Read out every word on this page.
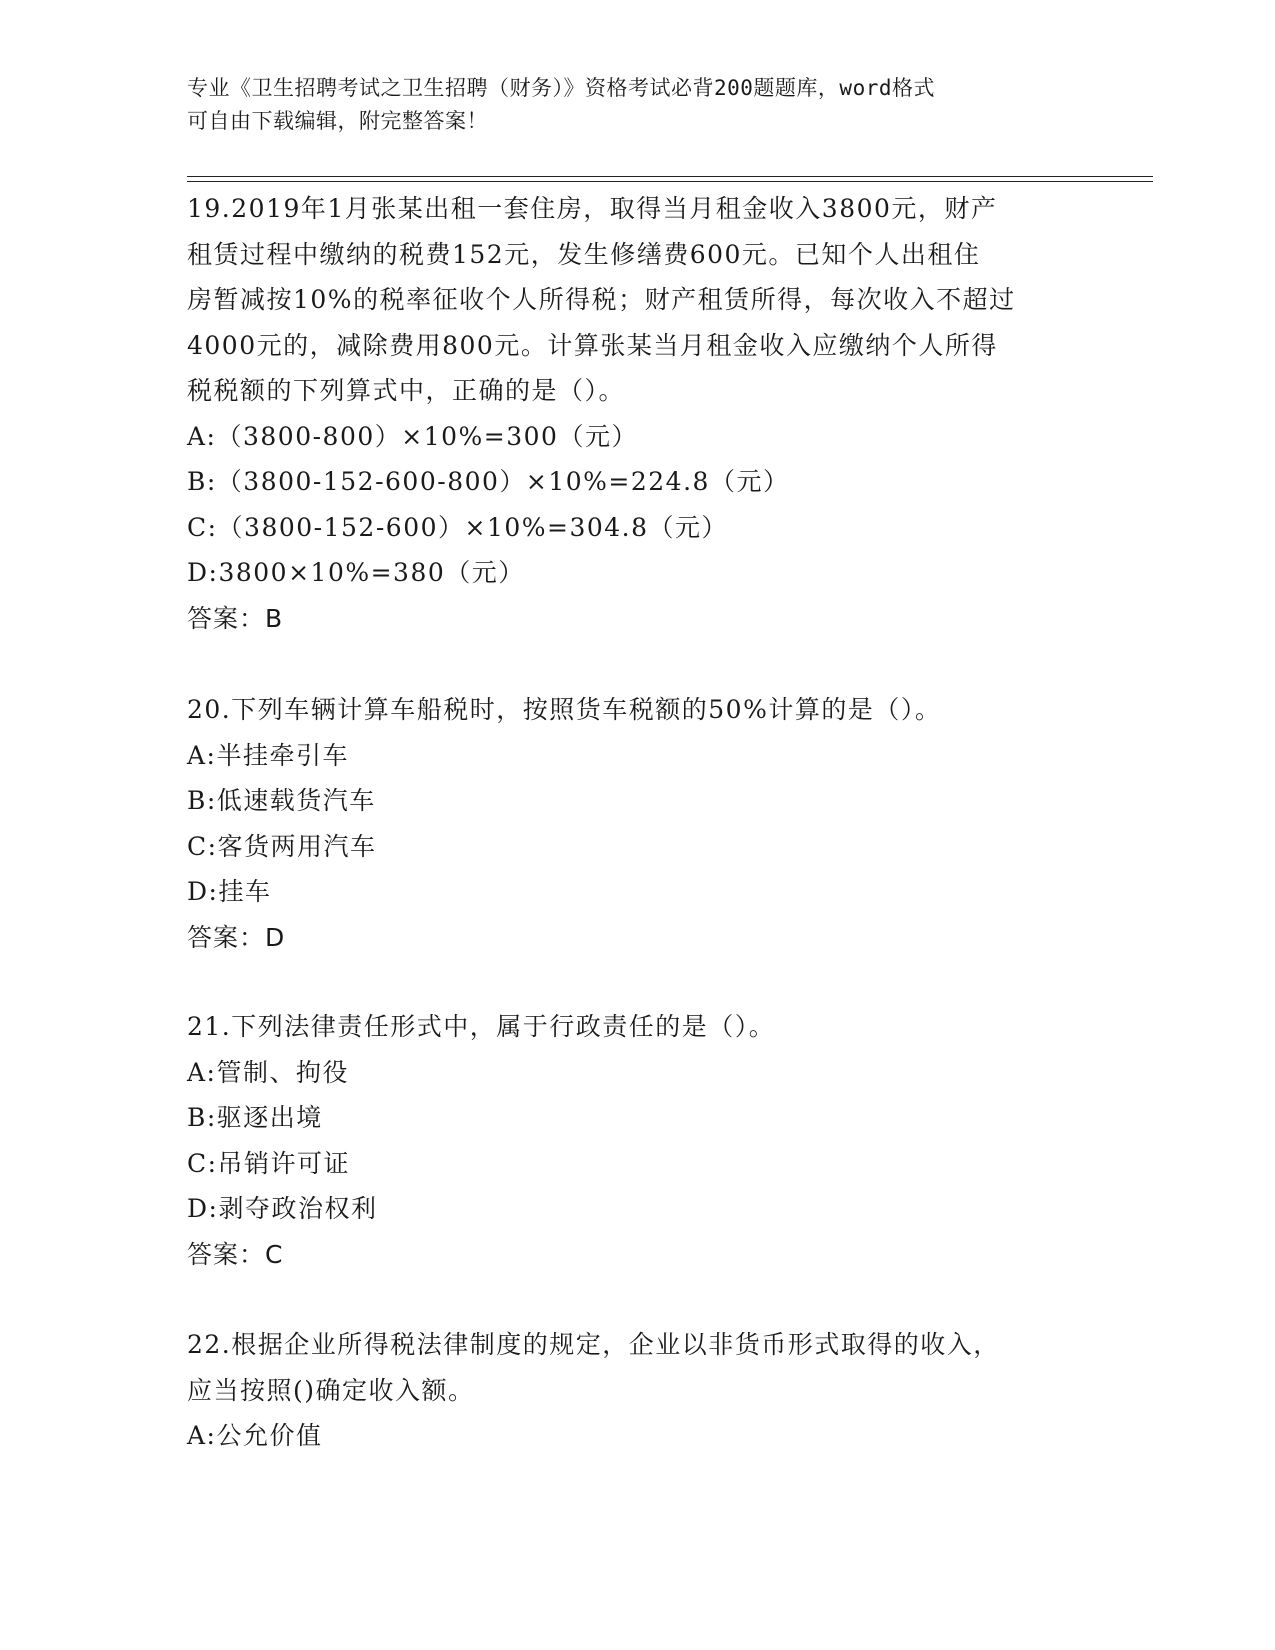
专业《卫生招聘考试之卫生招聘（财务）》资格考试必背200题题库，word格式
可自由下载编辑，附完整答案！

19.2019年1月张某出租一套住房，取得当月租金收入3800元，财产

租赁过程中缴纳的税费152元，发生修缮费600元。已知个人出租住

房暂减按10%的税率征收个人所得税；财产租赁所得，每次收入不超过

4000元的，减除费用800元。计算张某当月租金收入应缴纳个人所得

税税额的下列算式中，正确的是（）。

A:（3800-800）×10%=300（元）

B:（3800-152-600-800）×10%=224.8（元）

C:（3800-152-600）×10%=304.8（元）

D:3800×10%=380（元）

答案：B

20.下列车辆计算车船税时，按照货车税额的50%计算的是（）。

A:半挂牵引车

B:低速载货汽车

C:客货两用汽车

D:挂车

答案：D

21.下列法律责任形式中，属于行政责任的是（）。

A:管制、拘役

B:驱逐出境

C:吊销许可证

D:剥夺政治权利

答案：C

22.根据企业所得税法律制度的规定，企业以非货币形式取得的收入，

应当按照()确定收入额。

A:公允价值
